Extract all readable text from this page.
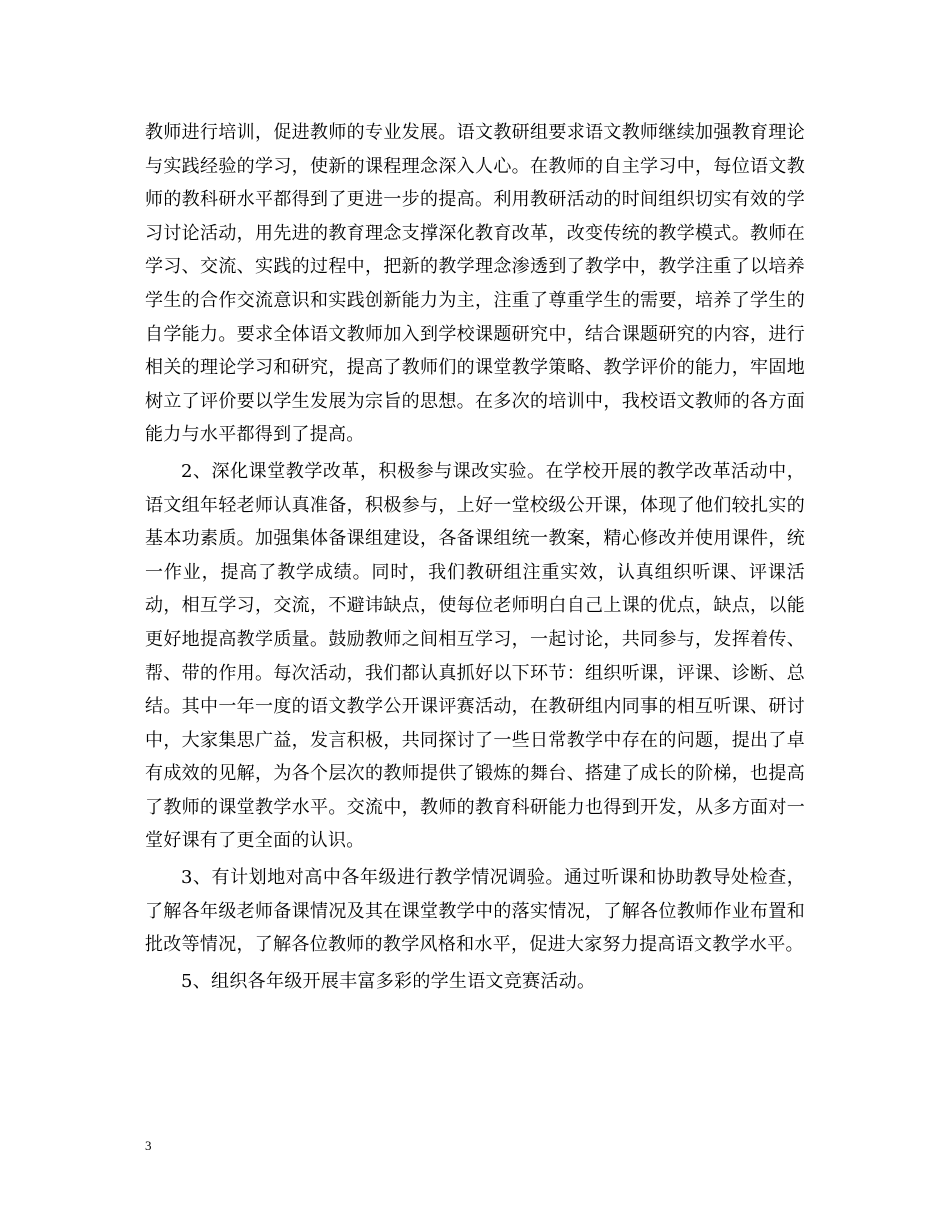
教师进行培训，促进教师的专业发展。语文教研组要求语文教师继续加强教育理论与实践经验的学习，使新的课程理念深入人心。在教师的自主学习中，每位语文教师的教科研水平都得到了更进一步的提高。利用教研活动的时间组织切实有效的学习讨论活动，用先进的教育理念支撑深化教育改革，改变传统的教学模式。教师在学习、交流、实践的过程中，把新的教学理念渗透到了教学中，教学注重了以培养学生的合作交流意识和实践创新能力为主，注重了尊重学生的需要，培养了学生的自学能力。要求全体语文教师加入到学校课题研究中，结合课题研究的内容，进行相关的理论学习和研究，提高了教师们的课堂教学策略、教学评价的能力，牢固地树立了评价要以学生发展为宗旨的思想。在多次的培训中，我校语文教师的各方面能力与水平都得到了提高。

2、深化课堂教学改革，积极参与课改实验。在学校开展的教学改革活动中，语文组年轻老师认真准备，积极参与，上好一堂校级公开课，体现了他们较扎实的基本功素质。加强集体备课组建设，各备课组统一教案，精心修改并使用课件，统一作业，提高了教学成绩。同时，我们教研组注重实效，认真组织听课、评课活动，相互学习，交流，不避讳缺点，使每位老师明白自己上课的优点，缺点，以能更好地提高教学质量。鼓励教师之间相互学习，一起讨论，共同参与，发挥着传、帮、带的作用。每次活动，我们都认真抓好以下环节：组织听课，评课、诊断、总结。其中一年一度的语文教学公开课评赛活动，在教研组内同事的相互听课、研讨中，大家集思广益，发言积极，共同探讨了一些日常教学中存在的问题，提出了卓有成效的见解，为各个层次的教师提供了锻炼的舞台、搭建了成长的阶梯，也提高了教师的课堂教学水平。交流中，教师的教育科研能力也得到开发，从多方面对一堂好课有了更全面的认识。

3、有计划地对高中各年级进行教学情况调验。通过听课和协助教导处检查，了解各年级老师备课情况及其在课堂教学中的落实情况，了解各位教师作业布置和批改等情况，了解各位教师的教学风格和水平，促进大家努力提高语文教学水平。

5、组织各年级开展丰富多彩的学生语文竞赛活动。

3
